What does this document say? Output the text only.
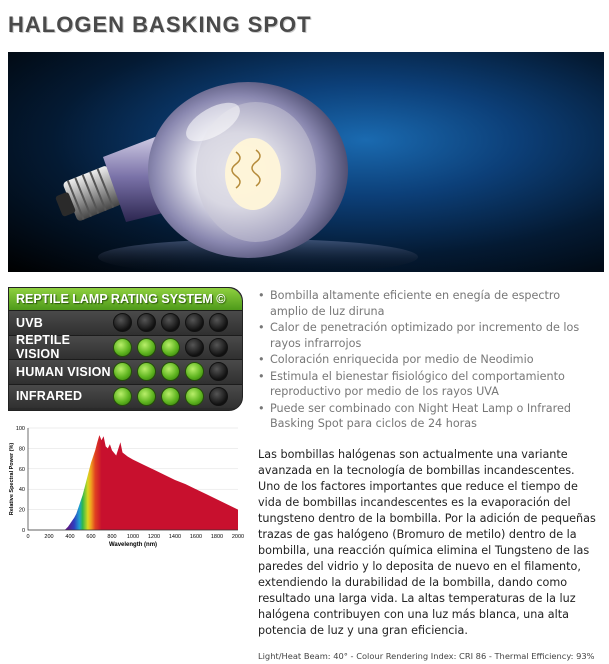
HALOGEN BASKING SPOT
REPTILE LAMP RATING SYSTEM ©
UVB
REPTILE VISION
HUMAN VISION
INFRARED
• Bombilla altamente eficiente en enegía de espectro amplio de luz diruna
• Calor de penetración optimizado por incremento de los rayos infrarrojos
• Coloración enriquecida por medio de Neodimio
• Estimula el bienestar fisiológico del comportamiento reproductivo por medio de los rayos UVA
• Puede ser combinado con Night Heat Lamp o Infrared Basking Spot para ciclos de 24 horas
0
20
40
60
80
100
0	200 400 600 800 1000 1200 1400 1600 1800 2000
Wavelength (nm)
Relative Spectral Power (%)	Las bombillas halógenas son actualmente una variante avanzada en la tecnología de bombillas incandescentes. Uno de los factores importantes que reduce el tiempo de vida de bombillas incandescentes es la evaporación del tungsteno dentro de la bombilla. Por la adición de pequeñas trazas de gas halógeno (Bromuro de metilo) dentro de la bombilla, una reacción química elimina el Tungsteno de las paredes del vidrio y lo deposita de nuevo en el filamento, extendiendo la durabilidad de la bombilla, dando como resultado una larga vida. La altas temperaturas de la luz halógena contribuyen con una luz más blanca, una alta potencia de luz y una gran eficiencia.
Light/Heat Beam: 40° - Colour Rendering Index: CRI 86 - Thermal Efficiency: 93%
